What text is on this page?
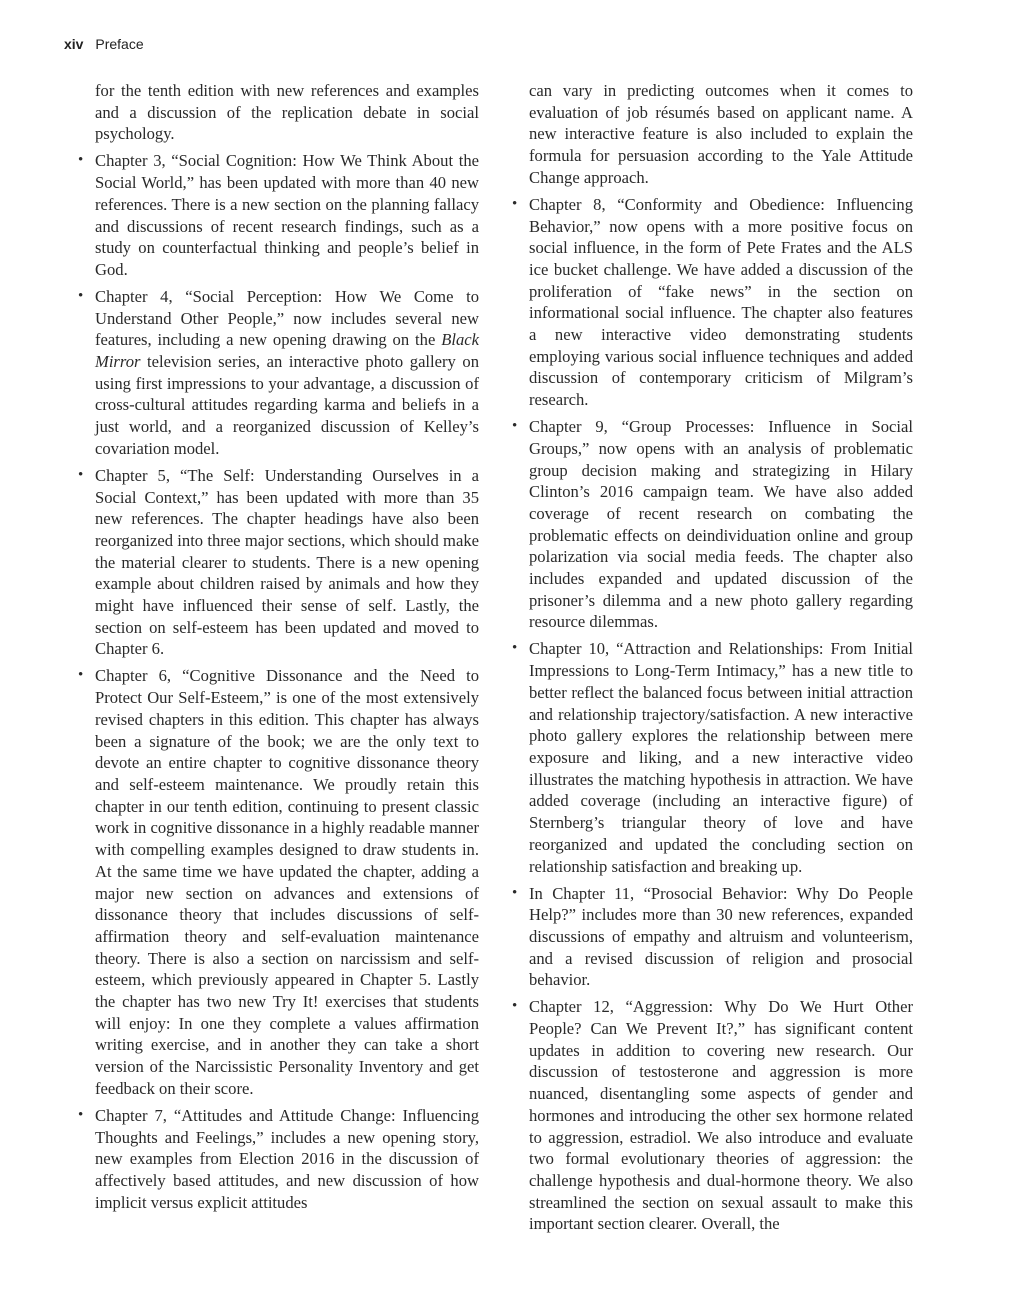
xiv Preface

for the tenth edition with new references and examples and a discussion of the replication debate in social psychology.

• Chapter 3, “Social Cognition: How We Think About the Social World,” has been updated with more than 40 new references. There is a new section on the planning fallacy and discussions of recent research findings, such as a study on counterfactual thinking and people’s belief in God.
• Chapter 4, “Social Perception: How We Come to Understand Other People,” now includes several new features, including a new opening drawing on the Black Mirror television series, an interactive photo gallery on using first impressions to your advantage, a discussion of cross-cultural attitudes regarding karma and beliefs in a just world, and a reorganized discussion of Kelley’s covariation model.
• Chapter 5, “The Self: Understanding Ourselves in a Social Context,” has been updated with more than 35 new references. The chapter headings have also been reorganized into three major sections, which should make the material clearer to students. There is a new opening example about children raised by animals and how they might have influenced their sense of self. Lastly, the section on self-esteem has been updated and moved to Chapter 6.
• Chapter 6, “Cognitive Dissonance and the Need to Protect Our Self-Esteem,” is one of the most extensively revised chapters in this edition. This chapter has always been a signature of the book; we are the only text to devote an entire chapter to cognitive dissonance theory and self-esteem maintenance. We proudly retain this chapter in our tenth edition, continuing to present classic work in cognitive dissonance in a highly readable manner with compelling examples designed to draw students in. At the same time we have updated the chapter, adding a major new section on advances and extensions of dissonance theory that includes discussions of self-affirmation theory and self-evaluation maintenance theory. There is also a section on narcissism and self-esteem, which previously appeared in Chapter 5. Lastly the chapter has two new Try It! exercises that students will enjoy: In one they complete a values affirmation writing exercise, and in another they can take a short version of the Narcissistic Personality Inventory and get feedback on their score.
• Chapter 7, “Attitudes and Attitude Change: Influencing Thoughts and Feelings,” includes a new opening story, new examples from Election 2016 in the discussion of affectively based attitudes, and new discussion of how implicit versus explicit attitudes

can vary in predicting outcomes when it comes to evaluation of job résumés based on applicant name. A new interactive feature is also included to explain the formula for persuasion according to the Yale Attitude Change approach.

• Chapter 8, “Conformity and Obedience: Influencing Behavior,” now opens with a more positive focus on social influence, in the form of Pete Frates and the ALS ice bucket challenge. We have added a discussion of the proliferation of “fake news” in the section on informational social influence. The chapter also features a new interactive video demonstrating students employing various social influence techniques and added discussion of contemporary criticism of Milgram’s research.
• Chapter 9, “Group Processes: Influence in Social Groups,” now opens with an analysis of problematic group decision making and strategizing in Hilary Clinton’s 2016 campaign team. We have also added coverage of recent research on combating the problematic effects on deindividuation online and group polarization via social media feeds. The chapter also includes expanded and updated discussion of the prisoner’s dilemma and a new photo gallery regarding resource dilemmas.
• Chapter 10, “Attraction and Relationships: From Initial Impressions to Long-Term Intimacy,” has a new title to better reflect the balanced focus between initial attraction and relationship trajectory/satisfaction. A new interactive photo gallery explores the relationship between mere exposure and liking, and a new interactive video illustrates the matching hypothesis in attraction. We have added coverage (including an interactive figure) of Sternberg’s triangular theory of love and have reorganized and updated the concluding section on relationship satisfaction and breaking up.
• In Chapter 11, “Prosocial Behavior: Why Do People Help?” includes more than 30 new references, expanded discussions of empathy and altruism and volunteerism, and a revised discussion of religion and prosocial behavior.
• Chapter 12, “Aggression: Why Do We Hurt Other People? Can We Prevent It?,” has significant content updates in addition to covering new research. Our discussion of testosterone and aggression is more nuanced, disentangling some aspects of gender and hormones and introducing the other sex hormone related to aggression, estradiol. We also introduce and evaluate two formal evolutionary theories of aggression: the challenge hypothesis and dual-hormone theory. We also streamlined the section on sexual assault to make this important section clearer. Overall, the
